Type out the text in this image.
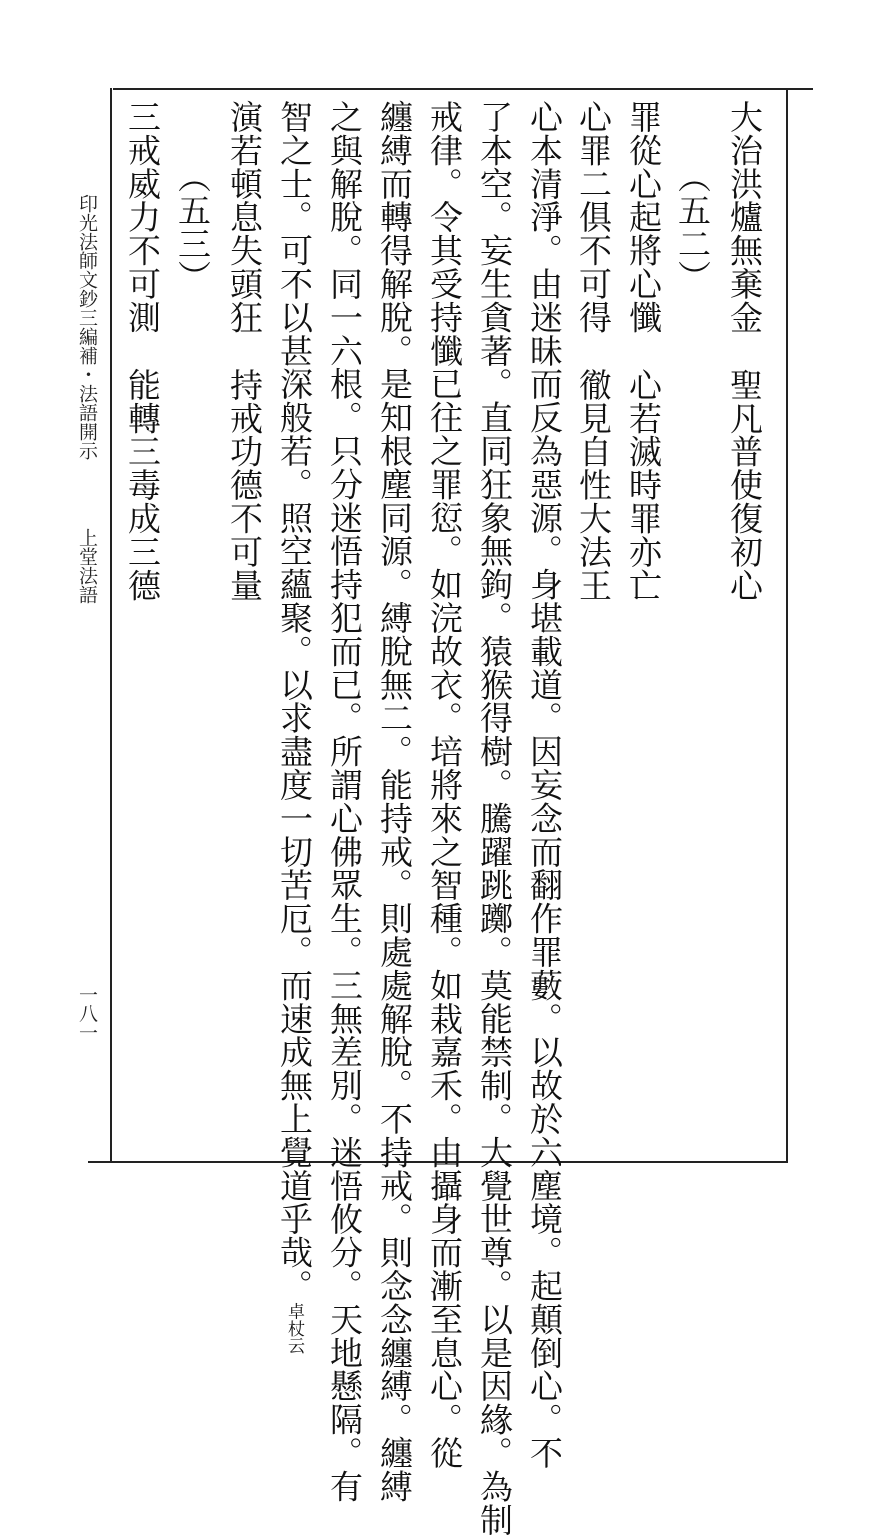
印光法師文鈔三編補・法語開示
上堂法語
一八一
大治洪爐無棄金聖凡普使復初心
（五二）
罪從心起將心懺心若滅時罪亦亡
心罪二俱不可得徹見自性大法王
心本清淨。由迷昧而反為惡源。身堪載道。因妄念而翻作罪藪。以故於六塵境。起顛倒心。不
了本空。妄生貪著。直同狂象無鉤。猿猴得樹。騰躍跳躑。莫能禁制。大覺世尊。以是因緣。為制
戒律。令其受持懺已往之罪愆。如浣故衣。培將來之智種。如栽嘉禾。由攝身而漸至息心。從
纏縛而轉得解脫。是知根塵同源。縛脫無二。能持戒。則處處解脫。不持戒。則念念纏縛。纏縛
之與解脫。同一六根。只分迷悟持犯而已。所謂心佛眾生。三無差別。迷悟攸分。天地懸隔。有
智之士。可不以甚深般若。照空蘊聚。以求盡度一切苦厄。而速成無上覺道乎哉。卓杖云
演若頓息失頭狂持戒功德不可量
（五三）
三戒威力不可測能轉三毒成三德
